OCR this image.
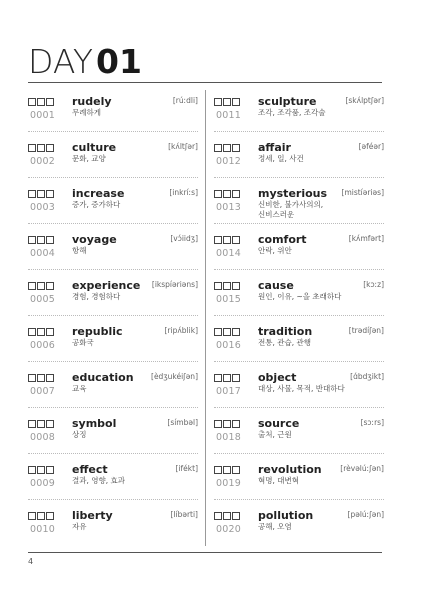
DAY 01
0001
rudely	[rúːdli]
무례하게
0002
culture	[kʌ́ltʃər]
문화, 교양
0003
increase	[inkríːs]
증가, 증가하다
0004
voyage	[vɔ́iidʒ]
항해
0005
experience [ikspíəriəns]
경험, 경험하다
0006
republic	[ripʌ́blik]
공화국
0007
education [èdʒukéiʃən]
교육
0008
symbol	[símbəl]
상징
0009
effect	[ifékt]
결과, 영향, 효과
0010
liberty	[líbərti]
자유
0011
sculpture	[skʌ́lptʃər]
조각, 조각품, 조각술
0012
affair	[əféər]
정세, 일, 사건
0013
mysterious [mistíəriəs]
신비한, 불가사의의,
신비스러운
0014
comfort	[kʌ́mfərt]
안락, 위안
0015
cause	[kɔːz]
원인, 이유, ~을 초래하다
0016
tradition	[trədíʃən]
전통, 관습, 관행
0017
object	[ɑ́bdʒikt]
대상, 사물, 목적, 반대하다
0018
source	[sɔːrs]
출처, 근원
0019
revolution [rèvəlúːʃən]
혁명, 대변혁
0020
pollution	[pəlúːʃən]
공해, 오염
4
